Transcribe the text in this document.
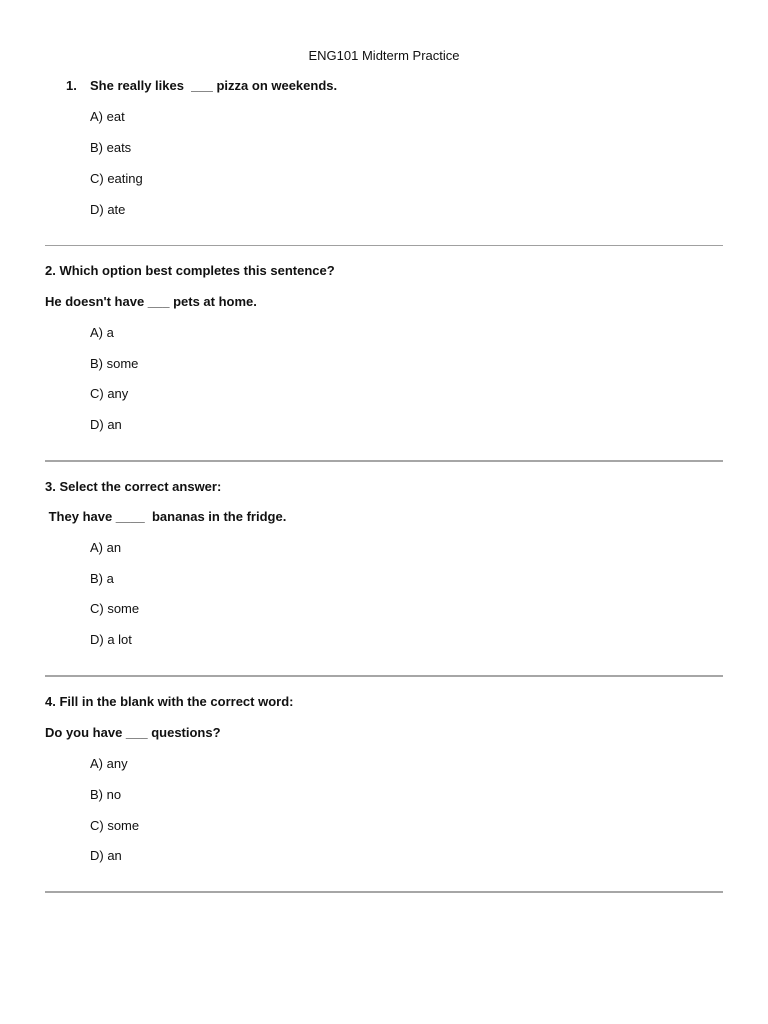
ENG101 Midterm Practice
1. She really likes  ___ pizza on weekends.
A) eat
B) eats
C) eating
D) ate
2. Which option best completes this sentence?
He doesn't have ___ pets at home.
A) a
B) some
C) any
D) an
3. Select the correct answer:
They have ____  bananas in the fridge.
A) an
B) a
C) some
D) a lot
4. Fill in the blank with the correct word:
Do you have ___ questions?
A) any
B) no
C) some
D) an
